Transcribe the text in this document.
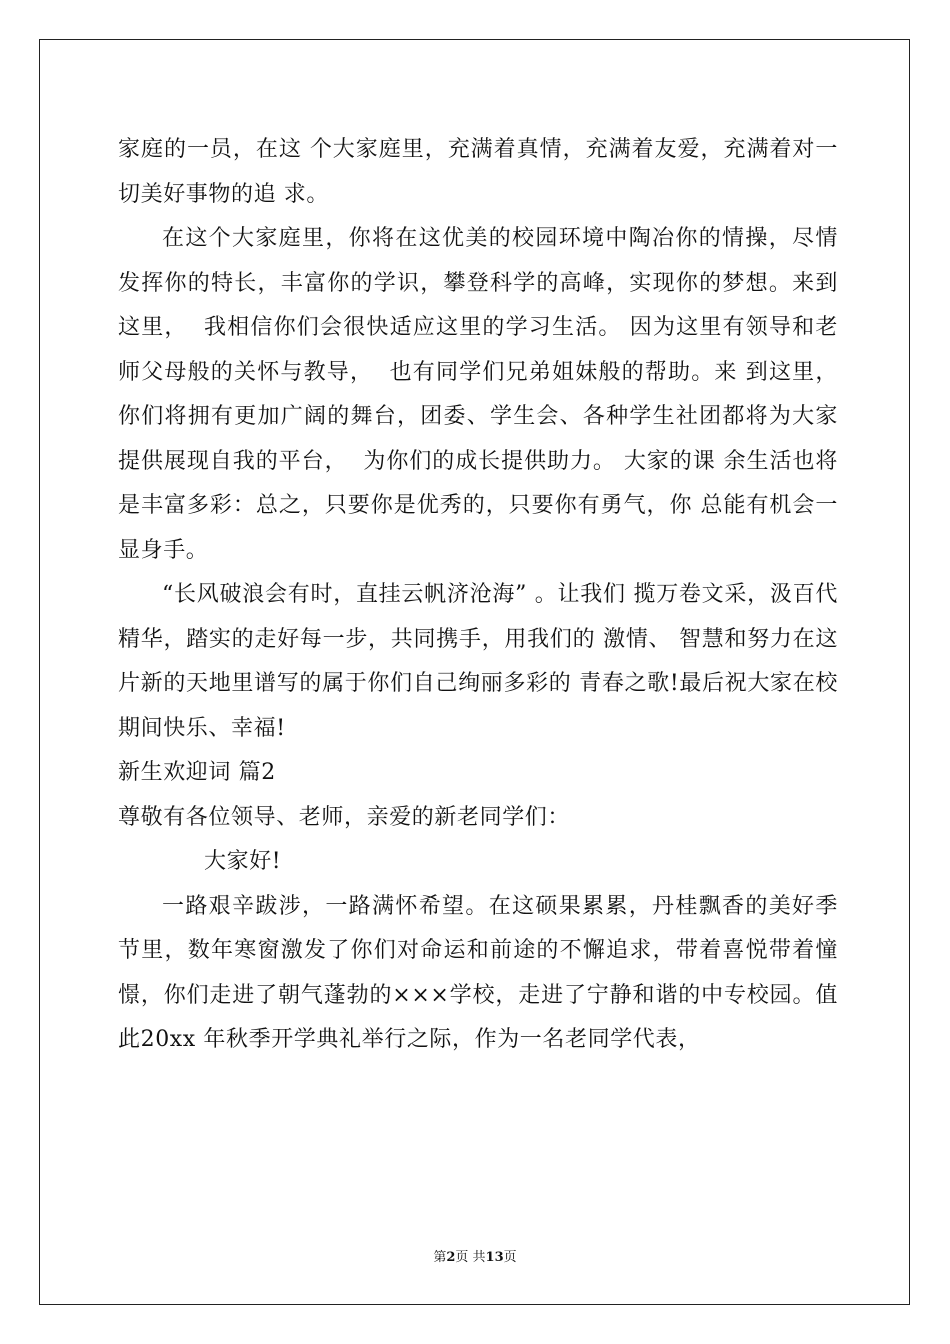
家庭的一员，在这 个大家庭里，充满着真情，充满着友爱，充满着对一切美好事物的追 求。

在这个大家庭里，你将在这优美的校园环境中陶冶你的情操，尽情发挥你的特长，丰富你的学识，攀登科学的高峰，实现你的梦想。来到这里，  我相信你们会很快适应这里的学习生活。 因为这里有领导和老师父母般的关怀与教导，  也有同学们兄弟姐妹般的帮助。来 到这里，你们将拥有更加广阔的舞台，团委、学生会、各种学生社团都将为大家提供展现自我的平台，  为你们的成长提供助力。 大家的课 余生活也将是丰富多彩：总之，只要你是优秀的，只要你有勇气，你 总能有机会一显身手。

“长风破浪会有时，直挂云帆济沧海” 。让我们 揽万卷文采，汲百代精华，踏实的走好每一步，共同携手，用我们的 激情、 智慧和努力在这片新的天地里谱写的属于你们自己绚丽多彩的 青春之歌!最后祝大家在校期间快乐、幸福!

新生欢迎词 篇2

尊敬有各位领导、老师，亲爱的新老同学们：

大家好!

一路艰辛跋涉，一路满怀希望。在这硕果累累，丹桂飘香的美好季节里，数年寒窗激发了你们对命运和前途的不懈追求，带着喜悦带着憧憬，你们走进了朝气蓬勃的×××学校，走进了宁静和谐的中专校园。值此20xx 年秋季开学典礼举行之际，作为一名老同学代表，

第2页 共13页
